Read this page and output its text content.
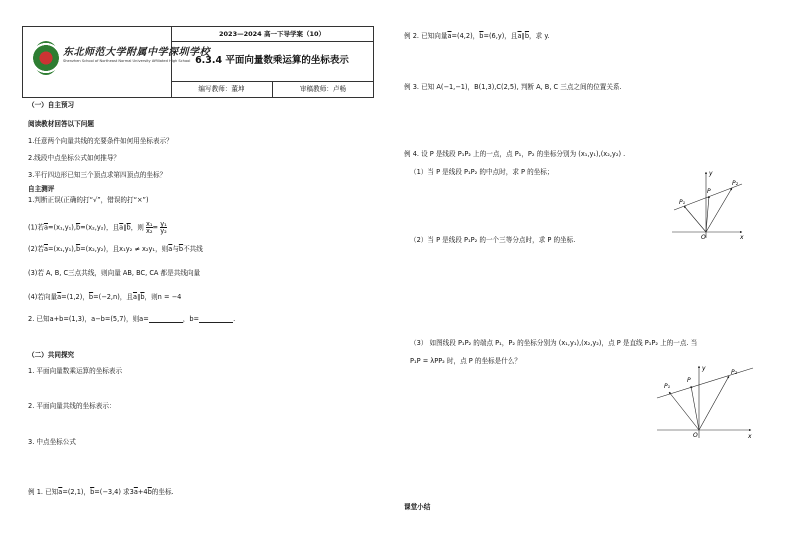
东北师范大学附属中学深圳学校
Shenzhen School of Northeast Normal University Affiliated High School
2023—2024 高一下导学案（10）
6.3.4 平面向量数乘运算的坐标表示
编写教师：董坤	审稿教师：卢畅
（一）自主预习
阅读教材回答以下问题
1.任意两个向量共线的充要条件如何用坐标表示？
2.线段中点坐标公式如何推导？
3.平行四边形已知三个顶点求第四顶点的坐标？
自主测评
1.判断正误(正确的打“√”，错误的打“×”)
(1)若$\overline{a}=(x_1,y_1),\overline{b}=(x_2,y_2)$，且$\overline{a}\parallel\overline{b}$，则 $\frac{\text{x₁}}{\text{x₂}} = \frac{\text{y₁}}{\text{y₂}}$
(2)若$\overline{a}=(x_1,y_1),\overline{b}=(x_2,y_2)$，且x₁y₂ ≠ x₂y₁，则$\overline{a}$与$\overline{b}$不共线
(3)若 A, B, C三点共线，则向量 AB, BC, CA 都是共线向量
(4)若向量$\overline{a}=(1,2)$，$\overline{b}=(-2,n)$，且$\overline{a}\parallel\overline{b}$，则n = −4
2. 已知a+b=(1,3)，a−b=(5,7)，则a=	，b=	.
（二）共同探究
1. 平面向量数乘运算的坐标表示
2. 平面向量共线的坐标表示：
3. 中点坐标公式
例 1. 已知$\overline{a}=(2,1)$，$\overline{b}=(-3,4)$ 求$3\overline{a}+4\overline{b}$的坐标.
例 2. 已知向量$\overline{a}=(4,2)$，$\overline{b}=(6,y)$，且$\overline{a}\parallel\overline{b}$，求 y.
例 3. 已知 A(−1,−1)，B(1,3),C(2,5), 判断 A, B, C 三点之间的位置关系.
例 4. 设 P 是线段 P₁P₂ 上的一点，点 P₁，P₂ 的坐标分别为 (x₁,y₁),(x₂,y₂) .
（1）当 P 是线段 P₁P₂ 的中点时，求 P 的坐标；
（2）当 P 是线段 P₁P₂ 的一个三等分点时，求 P 的坐标.
（3） 如图线段 P₁P₂ 的端点 P₁，P₂ 的坐标分别为 (x₁,y₁),(x₂,y₂)，点 P 是直线 P₁P₂ 上的一点. 当
P₁P = λPP₂ 时，点 P 的坐标是什么？
课堂小结
P₁
P
P₂
O	x
y
P₁
P
P₂
O	x
y
